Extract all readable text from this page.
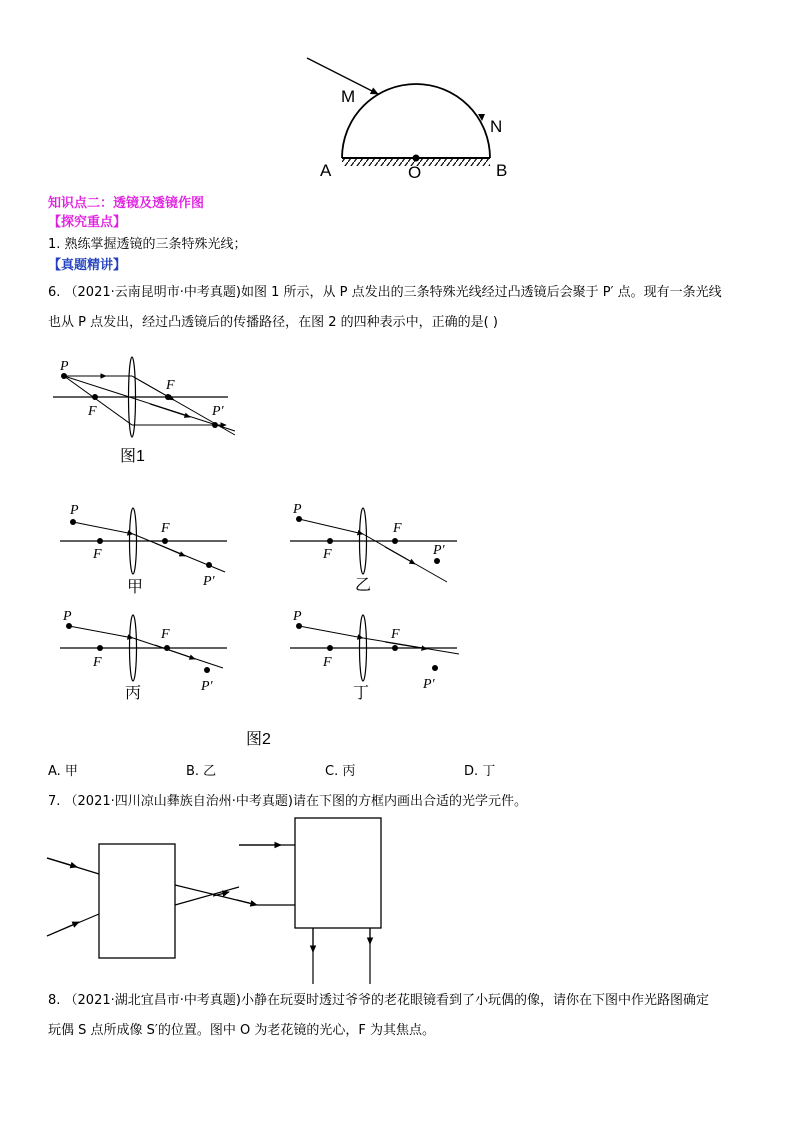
M
N
A	O	B
知识点二：透镜及透镜作图
【探究重点】
1. 熟练掌握透镜的三条特殊光线；
【真题精讲】
6. （2021·云南昆明市·中考真题)如图 1 所示，从 P 点发出的三条特殊光线经过凸透镜后会聚于 P′ 点。现有一条光线
也从 P 点发出，经过凸透镜后的传播路径，在图 2 的四种表示中，正确的是( )
P
F
F
P′
图1
P
F
F
P′
甲
P
F
F
P′
乙
P
F
F
P′
丙
P
F
F
P′
丁
图2
A. 甲	B. 乙	C. 丙	D. 丁
7. （2021·四川凉山彝族自治州·中考真题)请在下图的方框内画出合适的光学元件。
8. （2021·湖北宜昌市·中考真题)小静在玩耍时透过爷爷的老花眼镜看到了小玩偶的像，请你在下图中作光路图确定
玩偶 S 点所成像 S′的位置。图中 O 为老花镜的光心，F 为其焦点。
